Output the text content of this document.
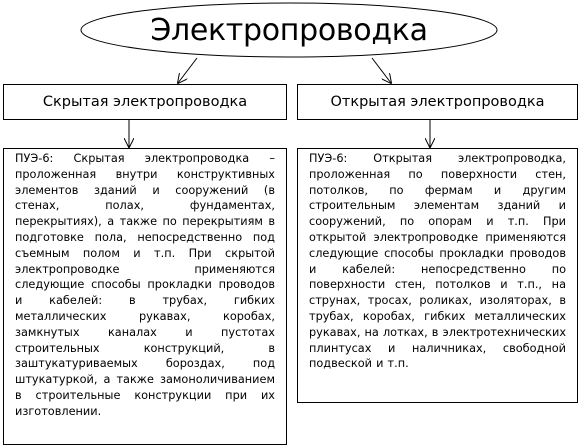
Электропроводка
Скрытая электропроводка	Открытая электропроводка
ПУЭ-6: Скрытая электропроводка – проложенная внутри конструктивных элементов зданий и сооружений (в стенах, полах, фундаментах, перекрытиях), а также по перекрытиям в подготовке пола, непосредственно под съемным полом и т.п. При скрытой электропроводке применяются следующие способы прокладки проводов и кабелей: в трубах, гибких металлических рукавах, коробах, замкнутых каналах и пустотах строительных конструкций, в заштукатуриваемых бороздах, под штукатуркой, а также замоноличиванием в строительные конструкции при их изготовлении.
ПУЭ-6: Открытая электропроводка, проложенная по поверхности стен, потолков, по фермам и другим строительным элементам зданий и сооружений, по опорам и т.п. При открытой электропроводке применяются следующие способы прокладки проводов и кабелей: непосредственно по поверхности стен, потолков и т.п., на струнах, тросах, роликах, изоляторах, в трубах, коробах, гибких металлических рукавах, на лотках, в электротехнических плинтусах и наличниках, свободной подвеской и т.п.
